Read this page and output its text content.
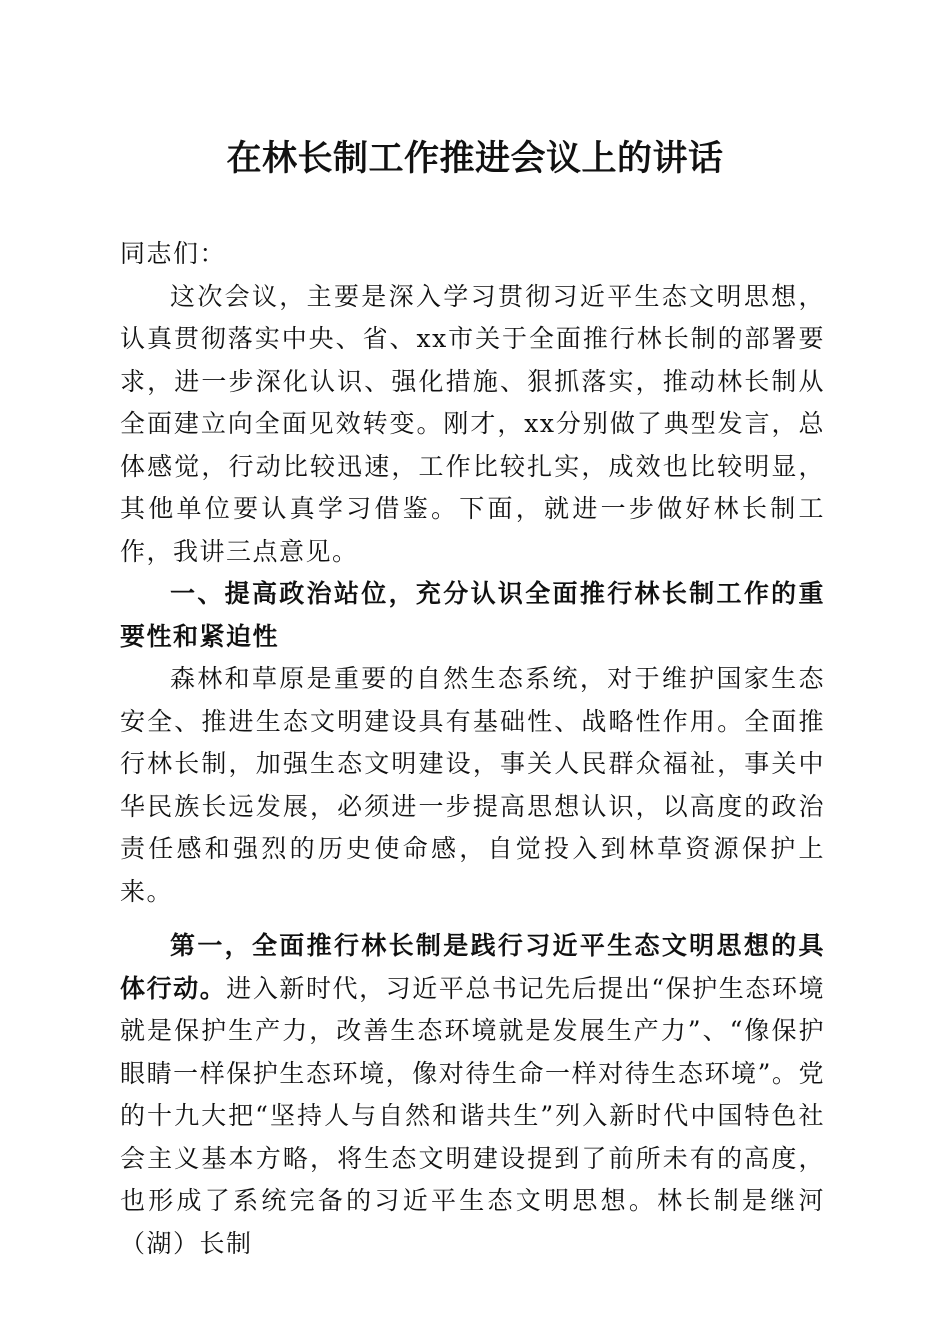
在林长制工作推进会议上的讲话

同志们：

这次会议，主要是深入学习贯彻习近平生态文明思想，认真贯彻落实中央、省、xx市关于全面推行林长制的部署要求，进一步深化认识、强化措施、狠抓落实，推动林长制从全面建立向全面见效转变。刚才，xx分别做了典型发言，总体感觉，行动比较迅速，工作比较扎实，成效也比较明显，其他单位要认真学习借鉴。下面，就进一步做好林长制工作，我讲三点意见。

一、提高政治站位，充分认识全面推行林长制工作的重要性和紧迫性

森林和草原是重要的自然生态系统，对于维护国家生态安全、推进生态文明建设具有基础性、战略性作用。全面推行林长制，加强生态文明建设，事关人民群众福祉，事关中华民族长远发展，必须进一步提高思想认识，以高度的政治责任感和强烈的历史使命感，自觉投入到林草资源保护上来。

第一，全面推行林长制是践行习近平生态文明思想的具体行动。进入新时代，习近平总书记先后提出“保护生态环境就是保护生产力，改善生态环境就是发展生产力”、“像保护眼睛一样保护生态环境，像对待生命一样对待生态环境”。党的十九大把“坚持人与自然和谐共生”列入新时代中国特色社会主义基本方略，将生态文明建设提到了前所未有的高度，也形成了系统完备的习近平生态文明思想。林长制是继河（湖）长制
